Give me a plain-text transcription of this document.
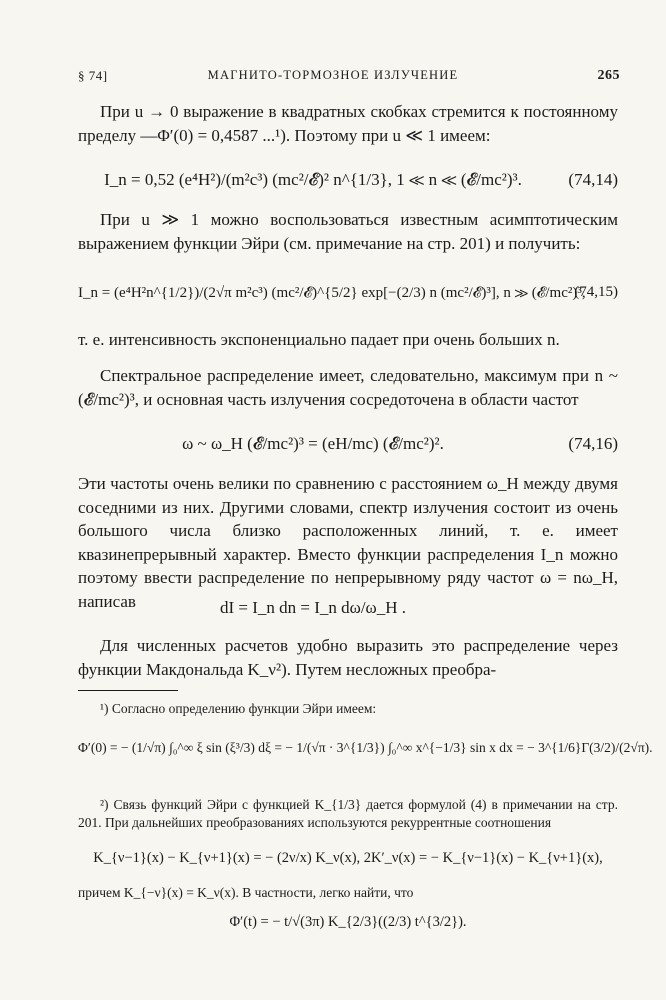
МАГНИТО-ТОРМОЗНОЕ ИЗЛУЧЕНИЕ
§ 74]	265

При u → 0 выражение в квадратных скобках стремится к постоянному пределу —Φ′(0) = 0,4587 ...¹). Поэтому при u ≪ 1 имеем:

I_n = 0,52 (e⁴H²)/(m²c³) (mc²/𝓔)² n^{1/3}, 1 ≪ n ≪ (𝓔/mc²)³.	(74,14)

При u ≫ 1 можно воспользоваться известным асимптотическим выражением функции Эйри (см. примечание на стр. 201) и получить:

I_n = (e⁴H²n^{1/2})/(2√π m²c³) (mc²/𝓔)^{5/2} exp[−(2/3) n (mc²/𝓔)³], n ≫ (𝓔/mc²)³,
(74,15)

т. е. интенсивность экспоненциально падает при очень больших n.

Спектральное распределение имеет, следовательно, максимум при n ~ (𝓔/mc²)³, и основная часть излучения сосредоточена в области частот

ω ~ ω_H (𝓔/mc²)³ = (eH/mc) (𝓔/mc²)².	(74,16)

Эти частоты очень велики по сравнению с расстоянием ω_H между двумя соседними из них. Другими словами, спектр излучения состоит из очень большого числа близко расположенных линий, т. е. имеет квазинепрерывный характер. Вместо функции распределения I_n можно поэтому ввести распределение по непрерывному ряду частот ω = nω_H, написав	dI = I_n dn = I_n dω/ω_H .

Для численных расчетов удобно выразить это распределение через функции Макдональда K_ν²). Путем несложных преобра-

¹) Согласно определению функции Эйри имеем:

Φ′(0) = − (1/√π) ∫₀^∞ ξ sin (ξ³/3) dξ = − 1/(√π · 3^{1/3}) ∫₀^∞ x^{−1/3} sin x dx = − 3^{1/6}Γ(3/2)/(2√π).

²) Связь функций Эйри с функцией K_{1/3} дается формулой (4) в примечании на стр. 201. При дальнейших преобразованиях используются рекуррентные соотношения

K_{ν−1}(x) − K_{ν+1}(x) = − (2ν/x) K_ν(x), 2K′_ν(x) = − K_{ν−1}(x) − K_{ν+1}(x),

причем K_{−ν}(x) = K_ν(x). В частности, легко найти, что

Φ′(t) = − t/√(3π) K_{2/3}((2/3) t^{3/2}).
